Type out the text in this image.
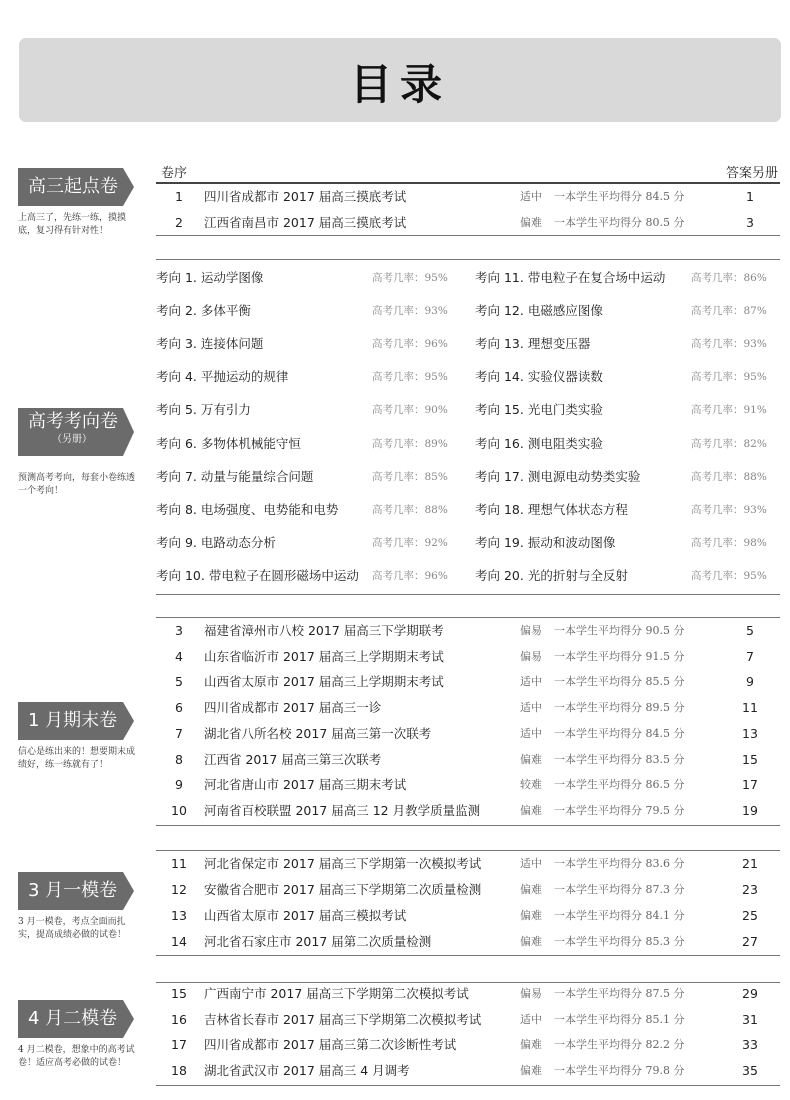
目录
高三起点卷
上高三了，先练一练，摸摸底，复习得有针对性！
高考考向卷
（另册）
预测高考考向，每套小卷练透一个考向！
1 月期末卷
信心是练出来的！想要期末成绩好，练一练就有了！
3 月一模卷
3 月一模卷，考点全面而扎实，提高成绩必做的试卷！
4 月二模卷
4 月二模卷，想象中的高考试卷！适应高考必做的试卷！
卷序	答案另册
1	四川省成都市 2017 届高三摸底考试	适中 一本学生平均得分 84.5 分	1
2	江西省南昌市 2017 届高三摸底考试	偏难 一本学生平均得分 80.5 分	3
考向 1. 运动学图像	高考几率：95%
考向 2. 多体平衡	高考几率：93%
考向 3. 连接体问题	高考几率：96%
考向 4. 平抛运动的规律	高考几率：95%
考向 5. 万有引力	高考几率：90%
考向 6. 多物体机械能守恒	高考几率：89%
考向 7. 动量与能量综合问题	高考几率：85%
考向 8. 电场强度、电势能和电势	高考几率：88%
考向 9. 电路动态分析	高考几率：92%
考向 10. 带电粒子在圆形磁场中运动 高考几率：96%
考向 11. 带电粒子在复合场中运动 高考几率：86%
考向 12. 电磁感应图像	高考几率：87%
考向 13. 理想变压器	高考几率：93%
考向 14. 实验仪器读数	高考几率：95%
考向 15. 光电门类实验	高考几率：91%
考向 16. 测电阻类实验	高考几率：82%
考向 17. 测电源电动势类实验	高考几率：88%
考向 18. 理想气体状态方程	高考几率：93%
考向 19. 振动和波动图像	高考几率：98%
考向 20. 光的折射与全反射	高考几率：95%
3	福建省漳州市八校 2017 届高三下学期联考	偏易 一本学生平均得分 90.5 分	5
4	山东省临沂市 2017 届高三上学期期末考试	偏易 一本学生平均得分 91.5 分	7
5	山西省太原市 2017 届高三上学期期末考试	适中 一本学生平均得分 85.5 分	9
6	四川省成都市 2017 届高三一诊	适中 一本学生平均得分 89.5 分	11
7	湖北省八所名校 2017 届高三第一次联考	适中 一本学生平均得分 84.5 分	13
8	江西省 2017 届高三第三次联考	偏难 一本学生平均得分 83.5 分	15
9	河北省唐山市 2017 届高三期末考试	较难 一本学生平均得分 86.5 分	17
10	河南省百校联盟 2017 届高三 12 月教学质量监测	偏难 一本学生平均得分 79.5 分	19
11	河北省保定市 2017 届高三下学期第一次模拟考试	适中 一本学生平均得分 83.6 分	21
12	安徽省合肥市 2017 届高三下学期第二次质量检测	偏难 一本学生平均得分 87.3 分	23
13	山西省太原市 2017 届高三模拟考试	偏难 一本学生平均得分 84.1 分	25
14	河北省石家庄市 2017 届第二次质量检测	偏难 一本学生平均得分 85.3 分	27
15	广西南宁市 2017 届高三下学期第二次模拟考试	偏易 一本学生平均得分 87.5 分	29
16	吉林省长春市 2017 届高三下学期第二次模拟考试	适中 一本学生平均得分 85.1 分	31
17	四川省成都市 2017 届高三第二次诊断性考试	偏难 一本学生平均得分 82.2 分	33
18	湖北省武汉市 2017 届高三 4 月调考	偏难 一本学生平均得分 79.8 分	35
